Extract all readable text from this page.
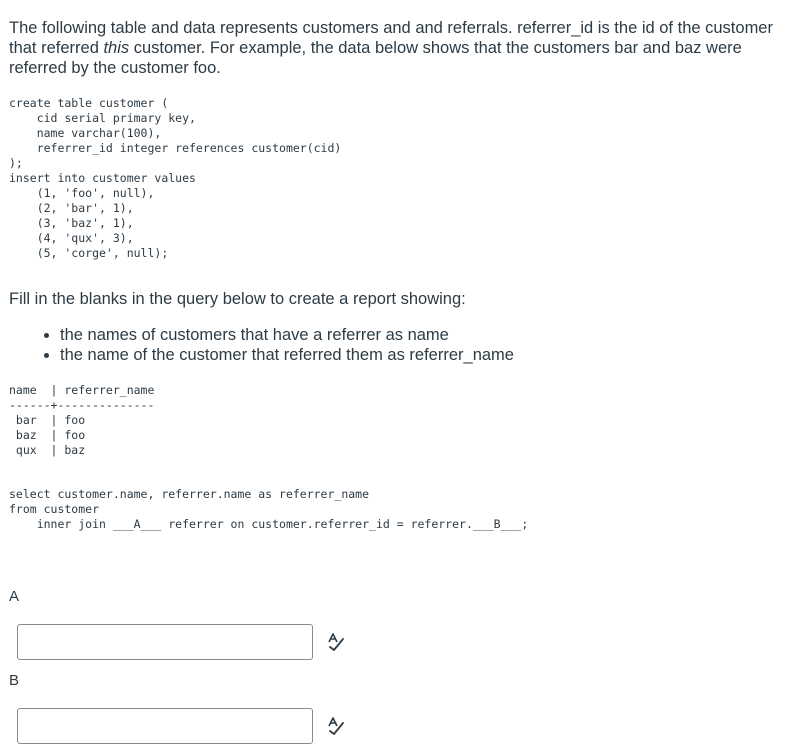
The following table and data represents customers and and referrals. referrer_id is the id of the customer that referred this customer. For example, the data below shows that the customers bar and baz were referred by the customer foo.

create table customer (
cid serial primary key,
name varchar(100),
referrer_id integer references customer(cid)
);
insert into customer values
(1, 'foo', null),
(2, 'bar', 1),
(3, 'baz', 1),
(4, 'qux', 3),
(5, 'corge', null);

Fill in the blanks in the query below to create a report showing:

• the names of customers that have a referrer as name
• the name of the customer that referred them as referrer_name
name  | referrer_name
------+--------------
bar  | foo
baz  | foo
qux  | baz
select customer.name, referrer.name as referrer_name
from customer
inner join ___A___ referrer on customer.referrer_id = referrer.___B___;
A
B
